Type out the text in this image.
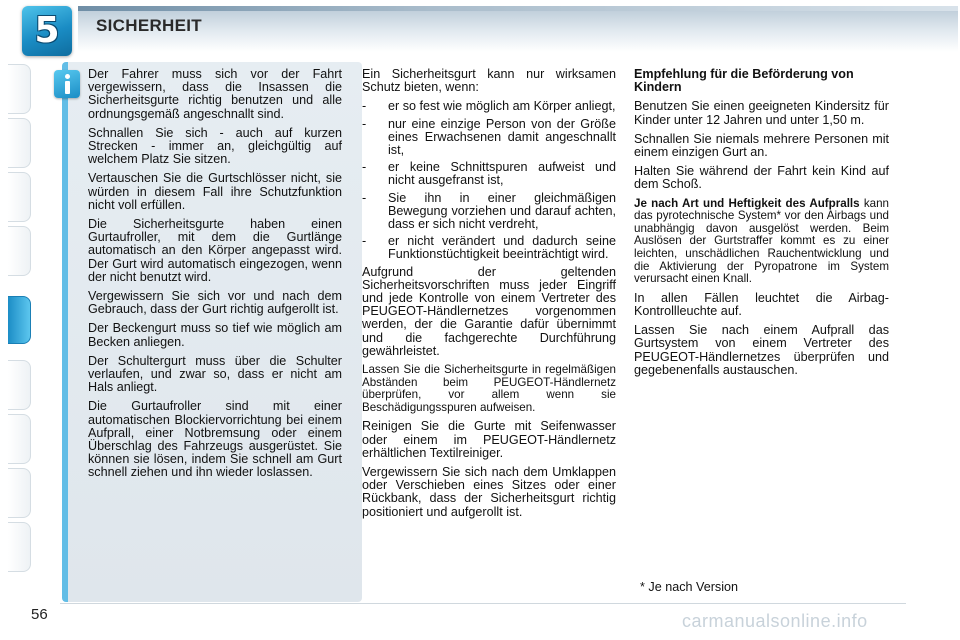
5	SICHERHEIT

Der Fahrer muss sich vor der Fahrt vergewissern, dass die Insassen die Sicherheitsgurte richtig benutzen und alle ordnungsgemäß angeschnallt sind.

Schnallen Sie sich - auch auf kurzen Strecken - immer an, gleichgültig auf welchem Platz Sie sitzen.

Vertauschen Sie die Gurtschlösser nicht, sie würden in diesem Fall ihre Schutzfunktion nicht voll erfüllen.

Die Sicherheitsgurte haben einen Gurtaufroller, mit dem die Gurtlänge automatisch an den Körper angepasst wird. Der Gurt wird automatisch eingezogen, wenn der nicht benutzt wird.

Vergewissern Sie sich vor und nach dem Gebrauch, dass der Gurt richtig aufgerollt ist.

Der Beckengurt muss so tief wie möglich am Becken anliegen.

Der Schultergurt muss über die Schulter verlaufen, und zwar so, dass er nicht am Hals anliegt.

Die Gurtaufroller sind mit einer automatischen Blockiervorrichtung bei einem Aufprall, einer Notbremsung oder einem Überschlag des Fahrzeugs ausgerüstet. Sie können sie lösen, indem Sie schnell am Gurt schnell ziehen und ihn wieder loslassen.

Ein Sicherheitsgurt kann nur wirksamen Schutz bieten, wenn:

- er so fest wie möglich am Körper anliegt,
- nur eine einzige Person von der Größe eines Erwachsenen damit angeschnallt ist,
- er keine Schnittspuren aufweist und nicht ausgefranst ist,
- Sie ihn in einer gleichmäßigen Bewegung vorziehen und darauf achten, dass er sich nicht verdreht,
- er nicht verändert und dadurch seine Funktionstüchtigkeit beeinträchtigt wird.

Aufgrund der geltenden Sicherheitsvorschriften muss jeder Eingriff und jede Kontrolle von einem Vertreter des PEUGEOT-Händlernetzes vorgenommen werden, der die Garantie dafür übernimmt und die fachgerechte Durchführung gewährleistet.

Lassen Sie die Sicherheitsgurte in regelmäßigen Abständen beim PEUGEOT-Händlernetz überprüfen, vor allem wenn sie Beschädigungsspuren aufweisen.

Reinigen Sie die Gurte mit Seifenwasser oder einem im PEUGEOT-Händlernetz erhältlichen Textilreiniger.

Vergewissern Sie sich nach dem Umklappen oder Verschieben eines Sitzes oder einer Rückbank, dass der Sicherheitsgurt richtig positioniert und aufgerollt ist.

Empfehlung für die Beförderung von Kindern

Benutzen Sie einen geeigneten Kindersitz für Kinder unter 12 Jahren und unter 1,50 m.

Schnallen Sie niemals mehrere Personen mit einem einzigen Gurt an.

Halten Sie während der Fahrt kein Kind auf dem Schoß.

Je nach Art und Heftigkeit des Aufpralls kann das pyrotechnische System* vor den Airbags und unabhängig davon ausgelöst werden. Beim Auslösen der Gurtstraffer kommt es zu einer leichten, unschädlichen Rauchentwicklung und die Aktivierung der Pyropatrone im System verursacht einen Knall.

In allen Fällen leuchtet die Airbag-Kontrollleuchte auf.

Lassen Sie nach einem Aufprall das Gurtsystem von einem Vertreter des PEUGEOT-Händlernetzes überprüfen und gegebenenfalls austauschen.

* Je nach Version
56	carmanualsonline.info
